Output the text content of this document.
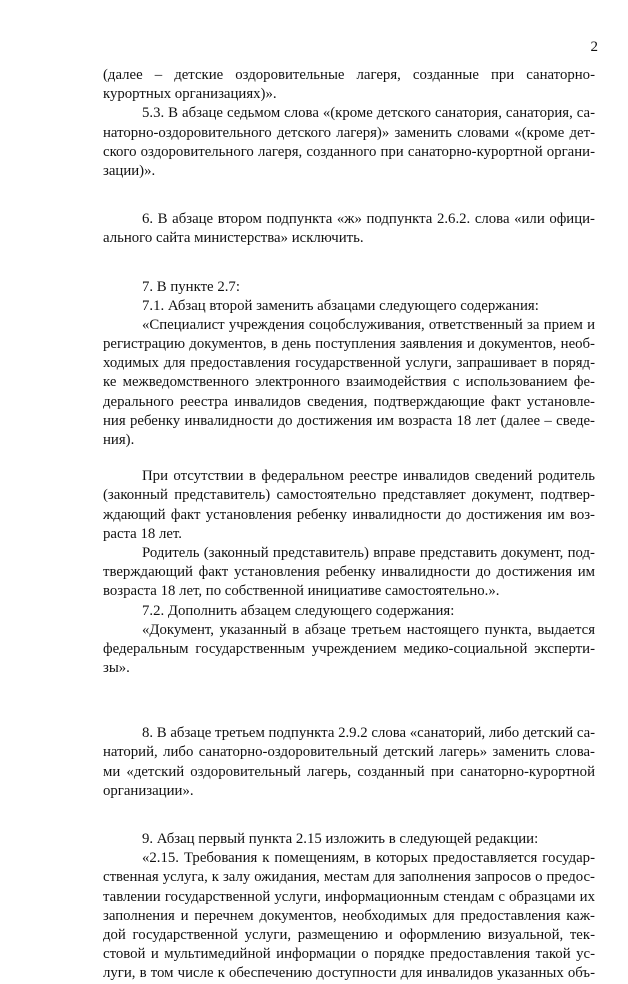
2
(далее – детские оздоровительные лагеря, созданные при санаторно-
курортных организациях)».
5.3. В абзаце седьмом слова «(кроме детского санатория, санатория, са-
наторно-оздоровительного детского лагеря)» заменить словами «(кроме дет-
ского оздоровительного лагеря, созданного при санаторно-курортной органи-
зации)».
6. В абзаце втором подпункта «ж» подпункта 2.6.2. слова «или офици-
ального сайта министерства» исключить.
7. В пункте 2.7:
7.1. Абзац второй заменить абзацами следующего содержания:
«Специалист учреждения соцобслуживания, ответственный за прием и
регистрацию документов, в день поступления заявления и документов, необ-
ходимых для предоставления государственной услуги, запрашивает в поряд-
ке межведомственного электронного взаимодействия с использованием фе-
дерального реестра инвалидов сведения, подтверждающие факт установле-
ния ребенку инвалидности до достижения им возраста 18 лет (далее – сведе-
ния).
При отсутствии в федеральном реестре инвалидов сведений родитель
(законный представитель) самостоятельно представляет документ, подтвер-
ждающий факт установления ребенку инвалидности до достижения им воз-
раста 18 лет.
Родитель (законный представитель) вправе представить документ, под-
тверждающий факт установления ребенку инвалидности до достижения им
возраста 18 лет, по собственной инициативе самостоятельно.».
7.2. Дополнить абзацем следующего содержания:
«Документ, указанный в абзаце третьем настоящего пункта, выдается
федеральным государственным учреждением медико-социальной эксперти-
зы».
8. В абзаце третьем подпункта 2.9.2 слова «санаторий, либо детский са-
наторий, либо санаторно-оздоровительный детский лагерь» заменить слова-
ми «детский оздоровительный лагерь, созданный при санаторно-курортной
организации».
9. Абзац первый пункта 2.15 изложить в следующей редакции:
«2.15. Требования к помещениям, в которых предоставляется государ-
ственная услуга, к залу ожидания, местам для заполнения запросов о предос-
тавлении государственной услуги, информационным стендам с образцами их
заполнения и перечнем документов, необходимых для предоставления каж-
дой государственной услуги, размещению и оформлению визуальной, тек-
стовой и мультимедийной информации о порядке предоставления такой ус-
луги, в том числе к обеспечению доступности для инвалидов указанных объ-
